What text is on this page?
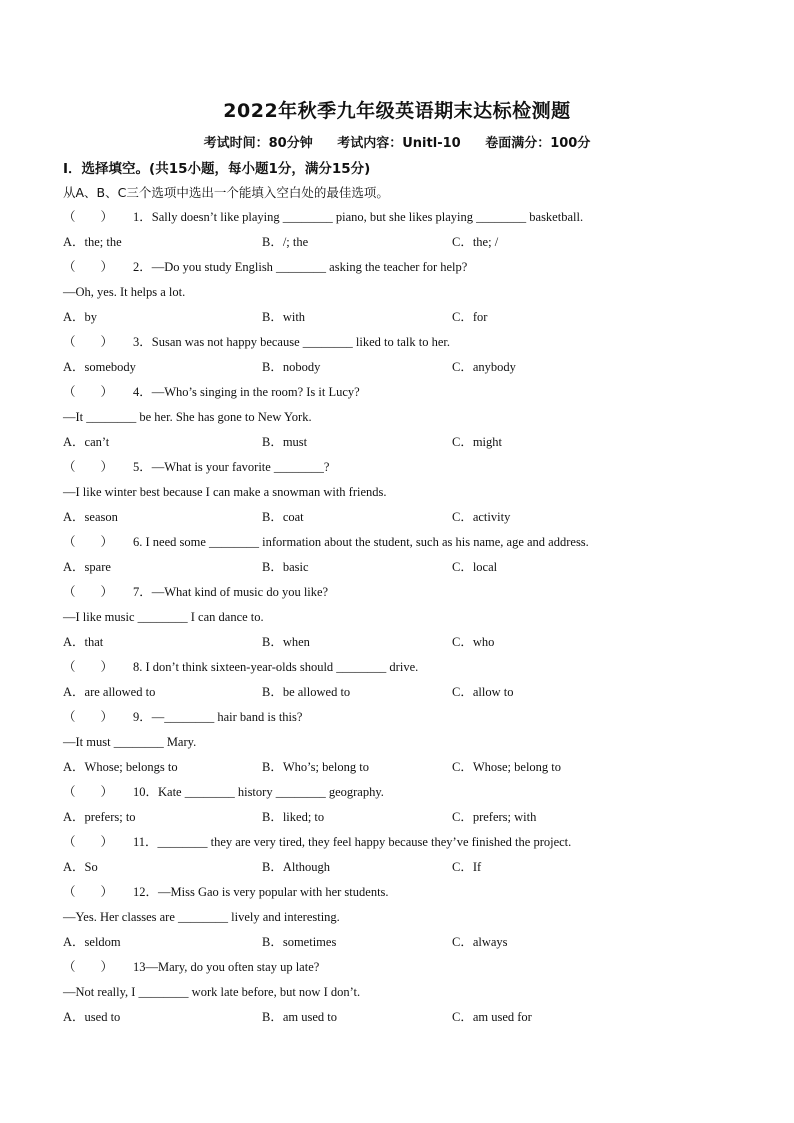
2022年秋季九年级英语期末达标检测题
考试时间：80分钟 考试内容：Unitl-10 卷面满分：100分
Ⅰ．选择填空。(共15小题，每小题1分，满分15分)
从A、B、C三个选项中选出一个能填入空白处的最佳选项。
（　　） 1．Sally doesn’t like playing ________ piano, but she likes playing ________ basketball.
A．the; the	B．/; the	C．the; /
（　　） 2．—Do you study English ________ asking the teacher for help?
—Oh, yes. It helps a lot.
A．by	B．with	C．for
（　　） 3．Susan was not happy because ________ liked to talk to her.
A．somebody	B．nobody	C．anybody
（　　） 4．—Who’s singing in the room? Is it Lucy?
—It ________ be her. She has gone to New York.
A．can’t	B．must	C．might
（　　） 5．—What is your favorite ________?
—I like winter best because I can make a snowman with friends.
A．season	B．coat	C．activity
（　　） 6. I need some ________ information about the student, such as his name, age and address.
A．spare	B．basic	C．local
（　　） 7．—What kind of music do you like?
—I like music ________ I can dance to.
A．that	B．when	C．who
（　　） 8. I don’t think sixteen-year-olds should ________ drive.
A．are allowed to	B．be allowed to	C．allow to
（　　） 9．—________ hair band is this?
—It must ________ Mary.
A．Whose; belongs to	B．Who’s; belong to	C．Whose; belong to
（　　） 10．Kate ________ history ________ geography.
A．prefers; to	B．liked; to	C．prefers; with
（　　） 11．________ they are very tired, they feel happy because they’ve finished the project.
A．So	B．Although	C．If
（　　） 12．—Miss Gao is very popular with her students.
—Yes. Her classes are ________ lively and interesting.
A．seldom	B．sometimes	C．always
（　　） 13—Mary, do you often stay up late?
—Not really, I ________ work late before, but now I don’t.
A．used to	B．am used to	C．am used for
